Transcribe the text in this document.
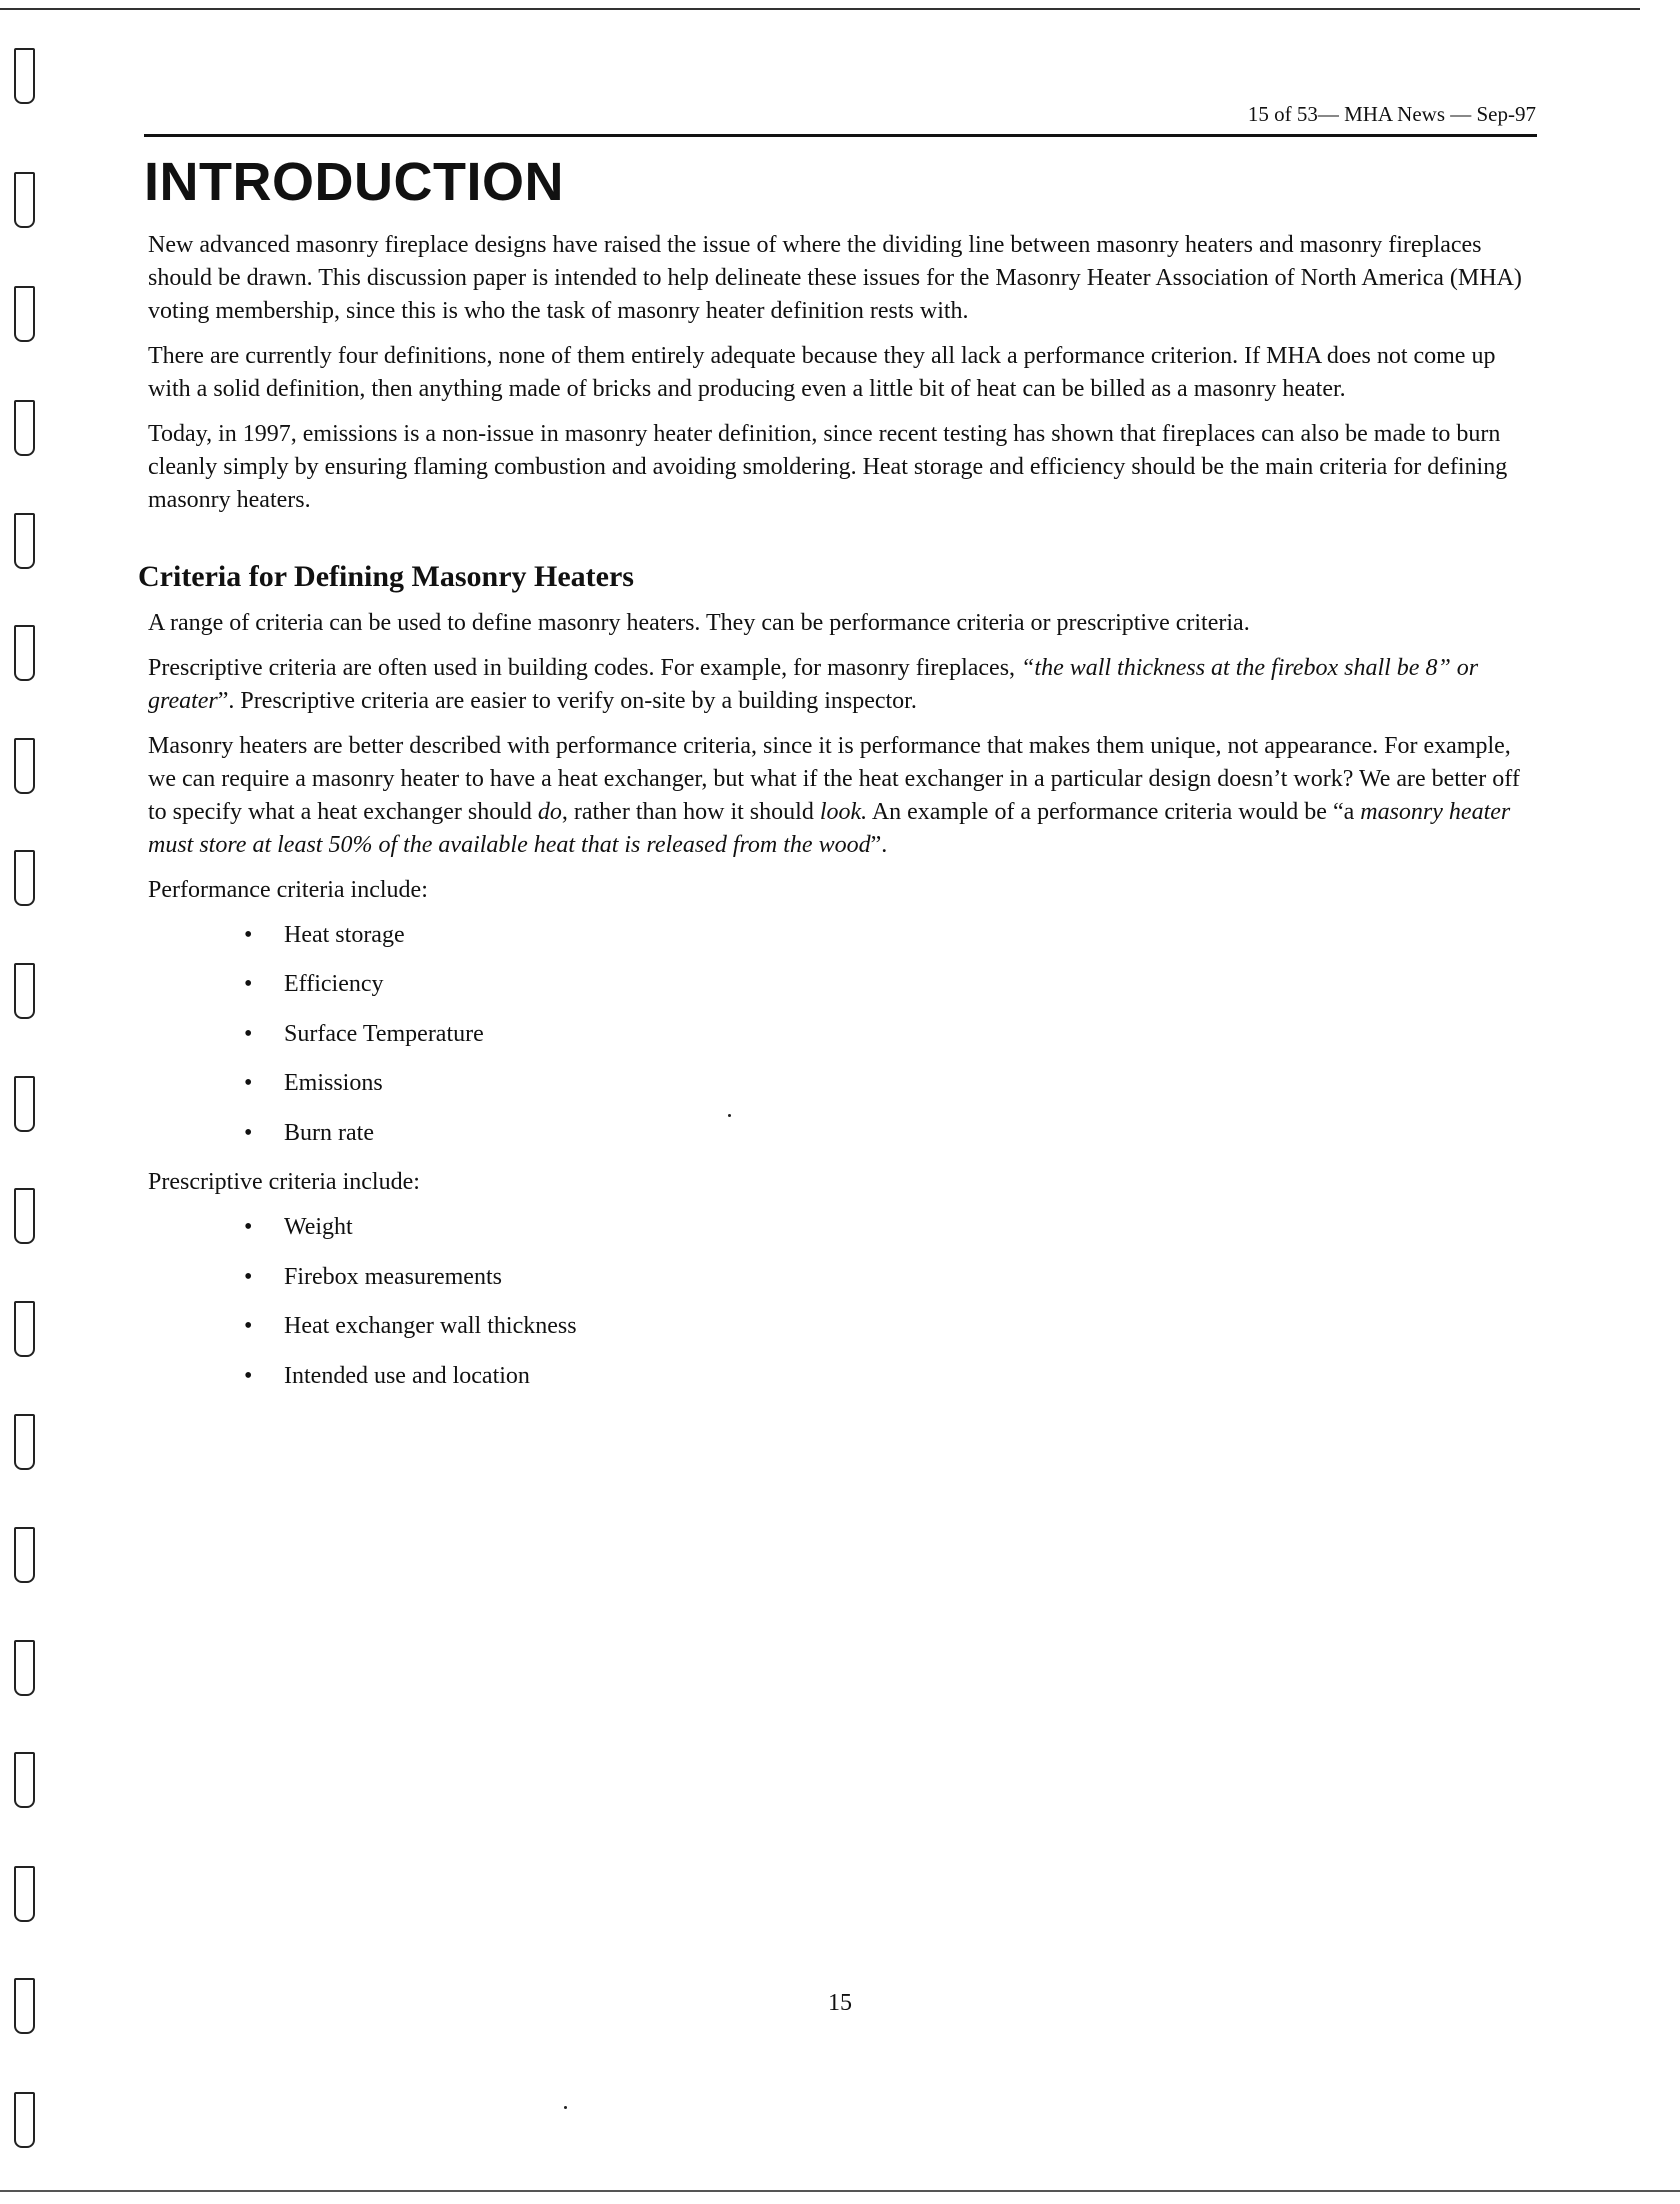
15 of 53— MHA News — Sep-97
INTRODUCTION

New advanced masonry fireplace designs have raised the issue of where the dividing line between masonry heaters and masonry fireplaces should be drawn. This discussion paper is intended to help delineate these issues for the Masonry Heater Association of North America (MHA) voting membership, since this is who the task of masonry heater definition rests with.

There are currently four definitions, none of them entirely adequate because they all lack a performance criterion. If MHA does not come up with a solid definition, then anything made of bricks and producing even a little bit of heat can be billed as a masonry heater.

Today, in 1997, emissions is a non-issue in masonry heater definition, since recent testing has shown that fireplaces can also be made to burn cleanly simply by ensuring flaming combustion and avoiding smoldering. Heat storage and efficiency should be the main criteria for defining masonry heaters.

Criteria for Defining Masonry Heaters

A range of criteria can be used to define masonry heaters. They can be performance criteria or prescriptive criteria.

Prescriptive criteria are often used in building codes. For example, for masonry fireplaces, “the wall thickness at the firebox shall be 8” or greater”. Prescriptive criteria are easier to verify on-site by a building inspector.

Masonry heaters are better described with performance criteria, since it is performance that makes them unique, not appearance. For example, we can require a masonry heater to have a heat exchanger, but what if the heat exchanger in a particular design doesn’t work? We are better off to specify what a heat exchanger should do, rather than how it should look. An example of a performance criteria would be “a masonry heater must store at least 50% of the available heat that is released from the wood”.

Performance criteria include:

• Heat storage
• Efficiency
• Surface Temperature
• Emissions
• Burn rate

Prescriptive criteria include:

• Weight
• Firebox measurements
• Heat exchanger wall thickness
• Intended use and location
15
